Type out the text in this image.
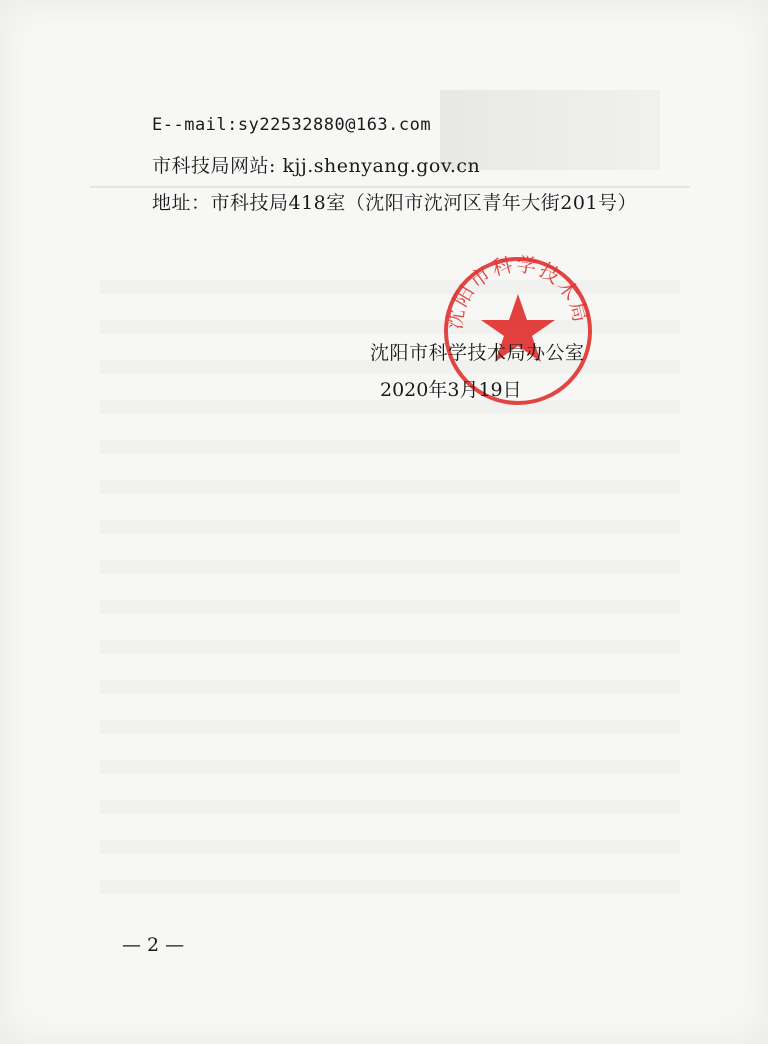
E--mail:sy22532880@163.com
市科技局网站: kjj.shenyang.gov.cn
地址：市科技局418室（沈阳市沈河区青年大街201号）
沈阳市科学技术局
沈阳市科学技术局办公室
2020年3月19日
— 2 —
